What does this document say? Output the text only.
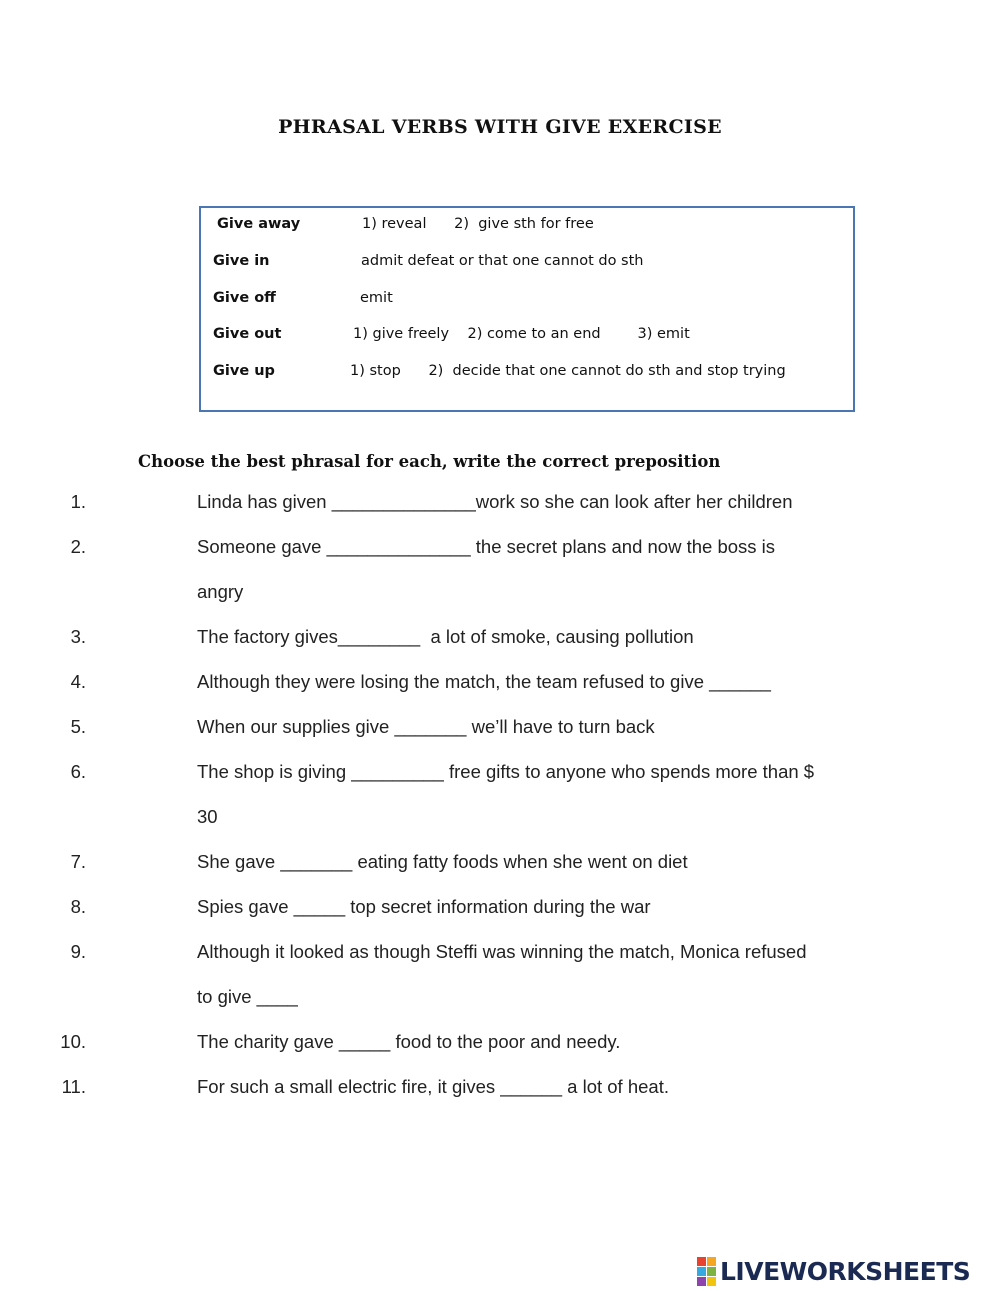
PHRASAL VERBS WITH GIVE EXERCISE
Give away	1) reveal      2)  give sth for free
Give in	admit defeat or that one cannot do sth
Give off	emit
Give out	1) give freely    2) come to an end        3) emit
Give up	1) stop      2)  decide that one cannot do sth and stop trying
Choose the best phrasal for each, write the correct preposition
1.	Linda has given ______________work so she can look after her children
2.	Someone gave ______________ the secret plans and now the boss is
angry
3.	The factory gives________  a lot of smoke, causing pollution
4.	Although they were losing the match, the team refused to give ______
5.	When our supplies give _______ we’ll have to turn back
6.	The shop is giving _________ free gifts to anyone who spends more than $
30
7.	She gave _______ eating fatty foods when she went on diet
8.	Spies gave _____ top secret information during the war
9.	Although it looked as though Steffi was winning the match, Monica refused
to give ____
10.	The charity gave _____ food to the poor and needy.
11.	For such a small electric fire, it gives ______ a lot of heat.
LIVEWORKSHEETS
